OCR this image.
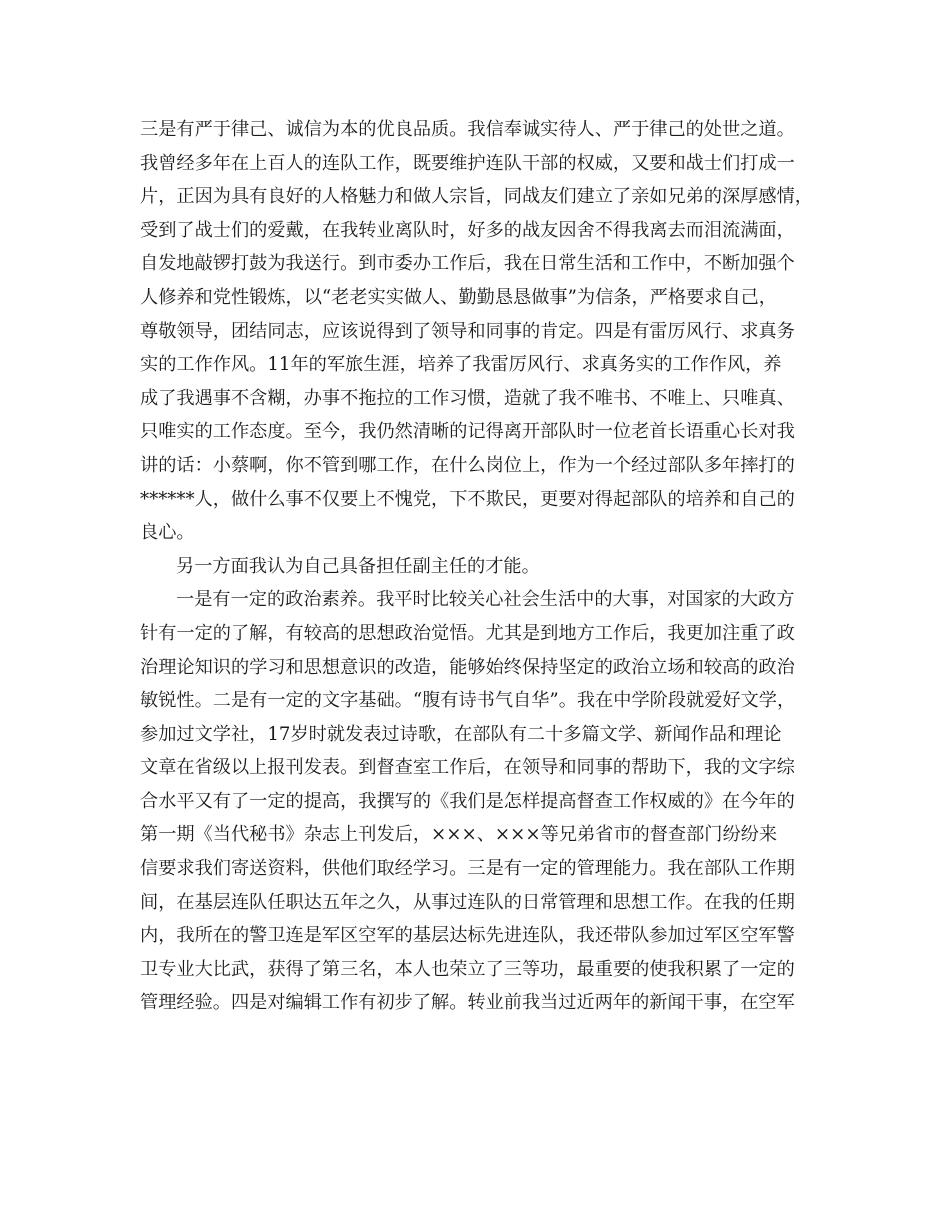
三是有严于律己、诚信为本的优良品质。我信奉诚实待人、严于律己的处世之道。
我曾经多年在上百人的连队工作，既要维护连队干部的权威，又要和战士们打成一
片，正因为具有良好的人格魅力和做人宗旨，同战友们建立了亲如兄弟的深厚感情，
受到了战士们的爱戴，在我转业离队时，好多的战友因舍不得我离去而泪流满面，
自发地敲锣打鼓为我送行。到市委办工作后，我在日常生活和工作中，不断加强个
人修养和党性锻炼，以“老老实实做人、勤勤恳恳做事”为信条，严格要求自己，
尊敬领导，团结同志，应该说得到了领导和同事的肯定。四是有雷厉风行、求真务
实的工作作风。11年的军旅生涯，培养了我雷厉风行、求真务实的工作作风，养
成了我遇事不含糊，办事不拖拉的工作习惯，造就了我不唯书、不唯上、只唯真、
只唯实的工作态度。至今，我仍然清晰的记得离开部队时一位老首长语重心长对我
讲的话：小蔡啊，你不管到哪工作，在什么岗位上，作为一个经过部队多年摔打的
******人，做什么事不仅要上不愧党，下不欺民，更要对得起部队的培养和自己的
良心。
另一方面我认为自己具备担任副主任的才能。
一是有一定的政治素养。我平时比较关心社会生活中的大事，对国家的大政方
针有一定的了解，有较高的思想政治觉悟。尤其是到地方工作后，我更加注重了政
治理论知识的学习和思想意识的改造，能够始终保持坚定的政治立场和较高的政治
敏锐性。二是有一定的文字基础。“腹有诗书气自华”。我在中学阶段就爱好文学，
参加过文学社，17岁时就发表过诗歌，在部队有二十多篇文学、新闻作品和理论
文章在省级以上报刊发表。到督查室工作后，在领导和同事的帮助下，我的文字综
合水平又有了一定的提高，我撰写的《我们是怎样提高督查工作权威的》在今年的
第一期《当代秘书》杂志上刊发后，×××、×××等兄弟省市的督查部门纷纷来
信要求我们寄送资料，供他们取经学习。三是有一定的管理能力。我在部队工作期
间，在基层连队任职达五年之久，从事过连队的日常管理和思想工作。在我的任期
内，我所在的警卫连是军区空军的基层达标先进连队，我还带队参加过军区空军警
卫专业大比武，获得了第三名，本人也荣立了三等功，最重要的使我积累了一定的
管理经验。四是对编辑工作有初步了解。转业前我当过近两年的新闻干事，在空军
